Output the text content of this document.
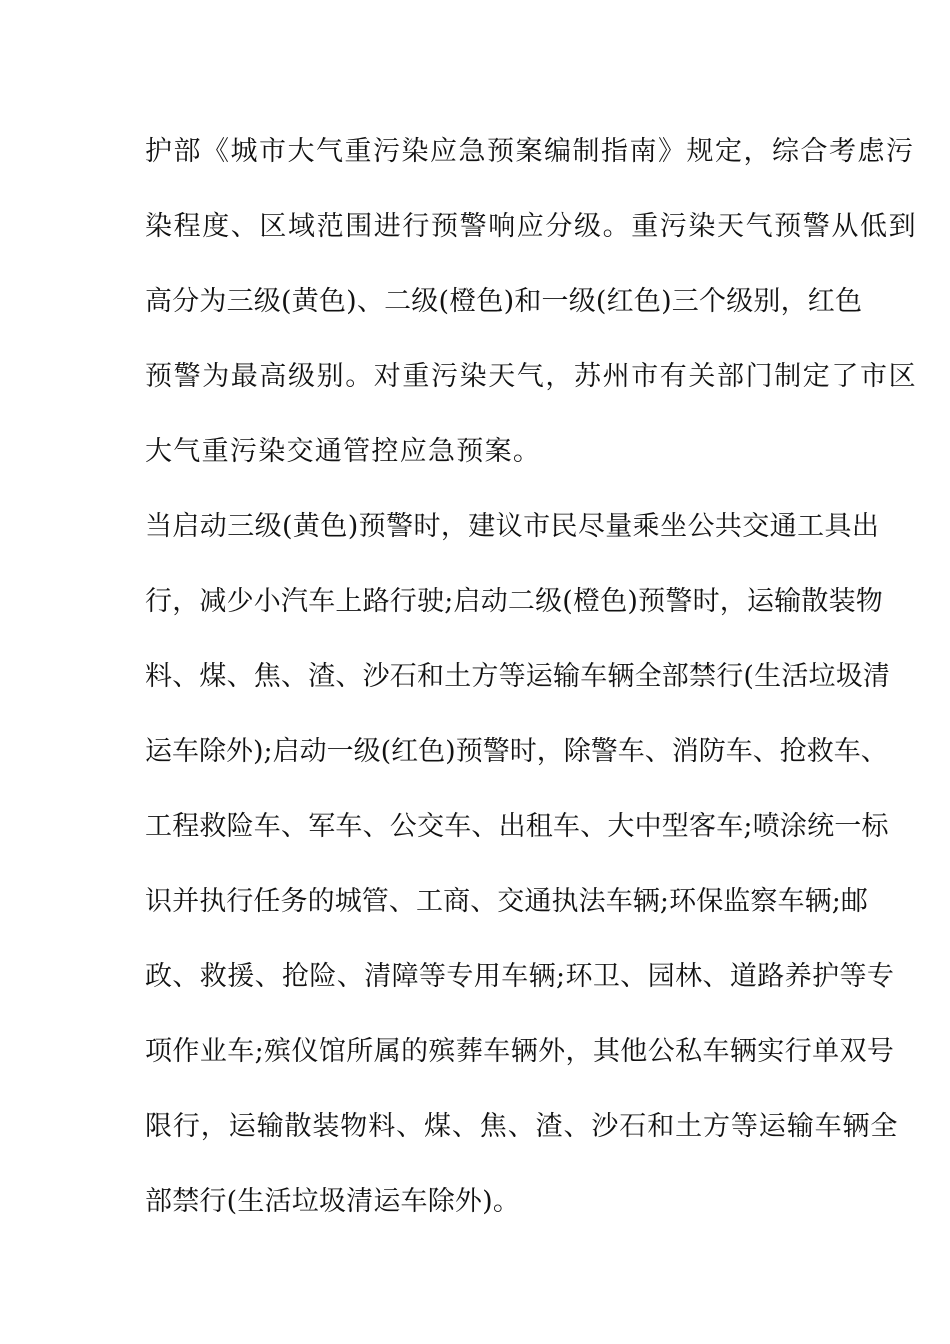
护部《城市大气重污染应急预案编制指南》规定，综合考虑污
染程度、区域范围进行预警响应分级。重污染天气预警从低到
高分为三级(黄色)、二级(橙色)和一级(红色)三个级别，红色
预警为最高级别。对重污染天气，苏州市有关部门制定了市区
大气重污染交通管控应急预案。
当启动三级(黄色)预警时，建议市民尽量乘坐公共交通工具出
行，减少小汽车上路行驶;启动二级(橙色)预警时，运输散装物
料、煤、焦、渣、沙石和土方等运输车辆全部禁行(生活垃圾清
运车除外);启动一级(红色)预警时，除警车、消防车、抢救车、
工程救险车、军车、公交车、出租车、大中型客车;喷涂统一标
识并执行任务的城管、工商、交通执法车辆;环保监察车辆;邮
政、救援、抢险、清障等专用车辆;环卫、园林、道路养护等专
项作业车;殡仪馆所属的殡葬车辆外，其他公私车辆实行单双号
限行，运输散装物料、煤、焦、渣、沙石和土方等运输车辆全
部禁行(生活垃圾清运车除外)。
